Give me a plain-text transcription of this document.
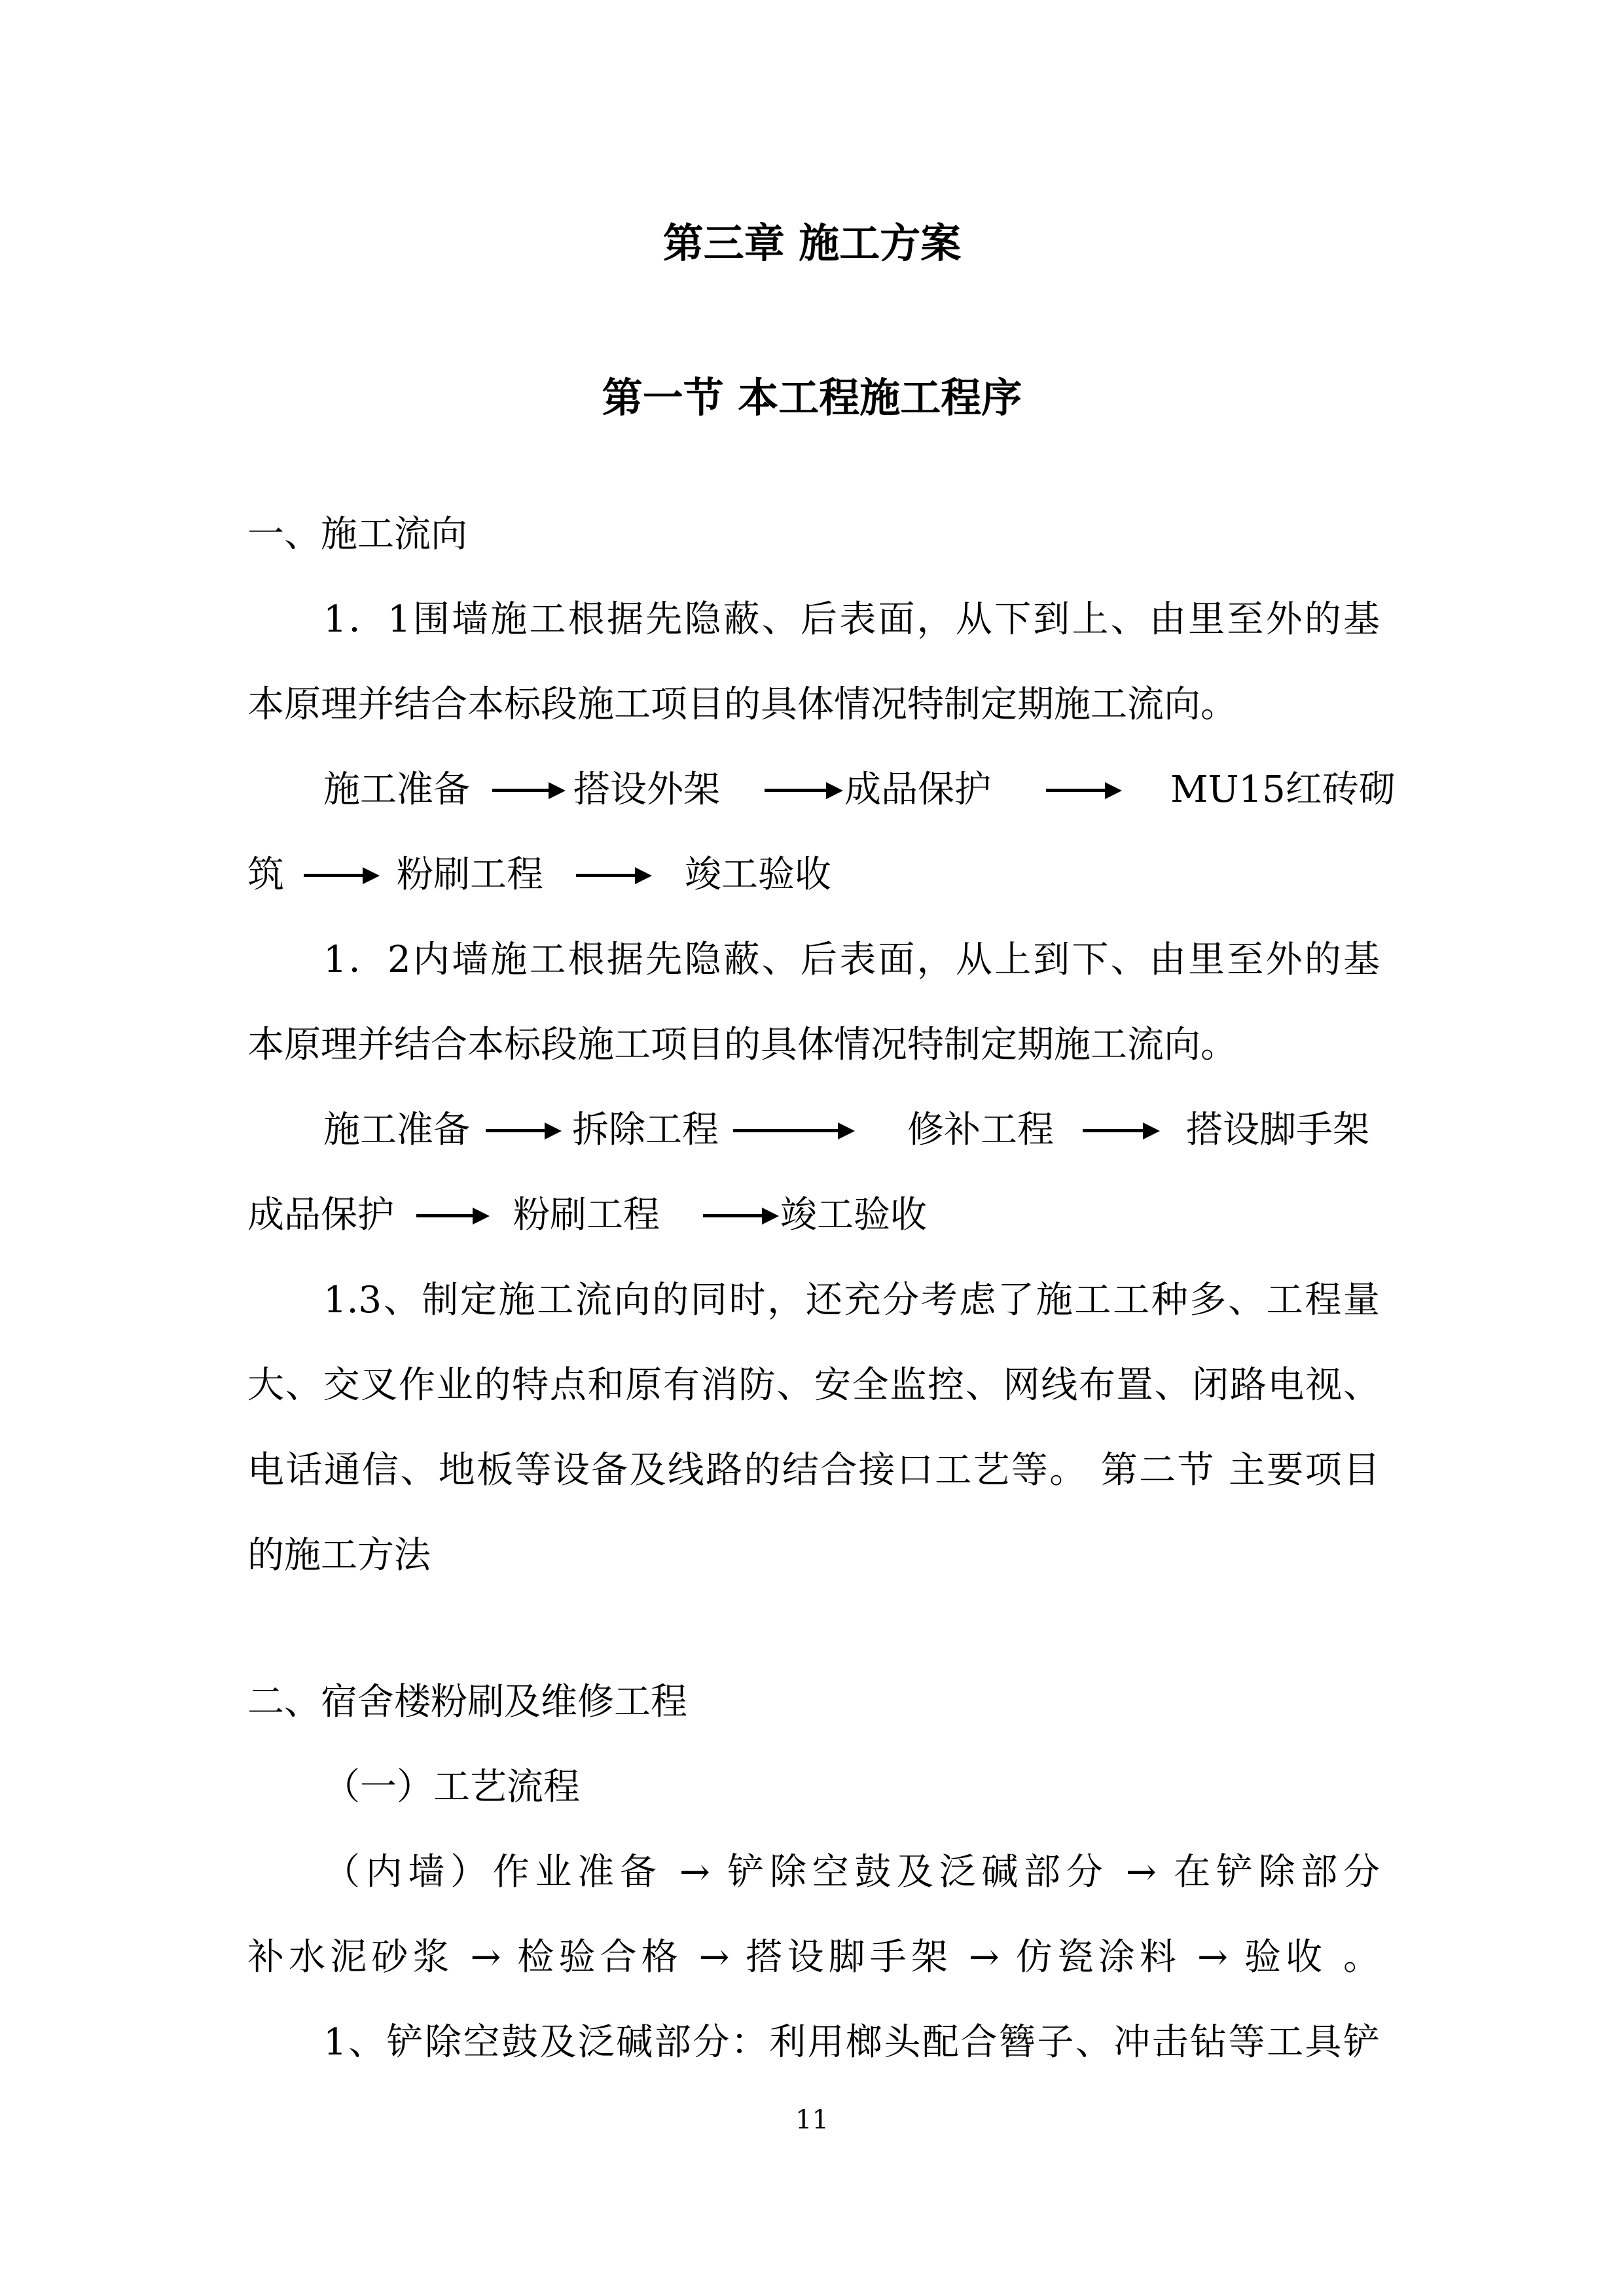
第三章 施工方案
第一节 本工程施工程序
一、施工流向
1．1围墙施工根据先隐蔽、后表面，从下到上、由里至外的基
本原理并结合本标段施工项目的具体情况特制定期施工流向。
施工准备	搭设外架	成品保护	MU15红砖砌
筑	粉刷工程	竣工验收
1．2内墙施工根据先隐蔽、后表面，从上到下、由里至外的基
本原理并结合本标段施工项目的具体情况特制定期施工流向。
施工准备	拆除工程	修补工程	搭设脚手架
成品保护	粉刷工程	竣工验收
1.3、制定施工流向的同时，还充分考虑了施工工种多、工程量
大、交叉作业的特点和原有消防、安全监控、网线布置、闭路电视、
电话通信、地板等设备及线路的结合接口工艺等。 第二节 主要项目
的施工方法
二、宿舍楼粉刷及维修工程
（一）工艺流程
（内墙）作业准备 → 铲除空鼓及泛碱部分 → 在铲除部分
补水泥砂浆 → 检验合格 → 搭设脚手架 → 仿瓷涂料 → 验收 。
1、铲除空鼓及泛碱部分：利用榔头配合簪子、冲击钻等工具铲
11
